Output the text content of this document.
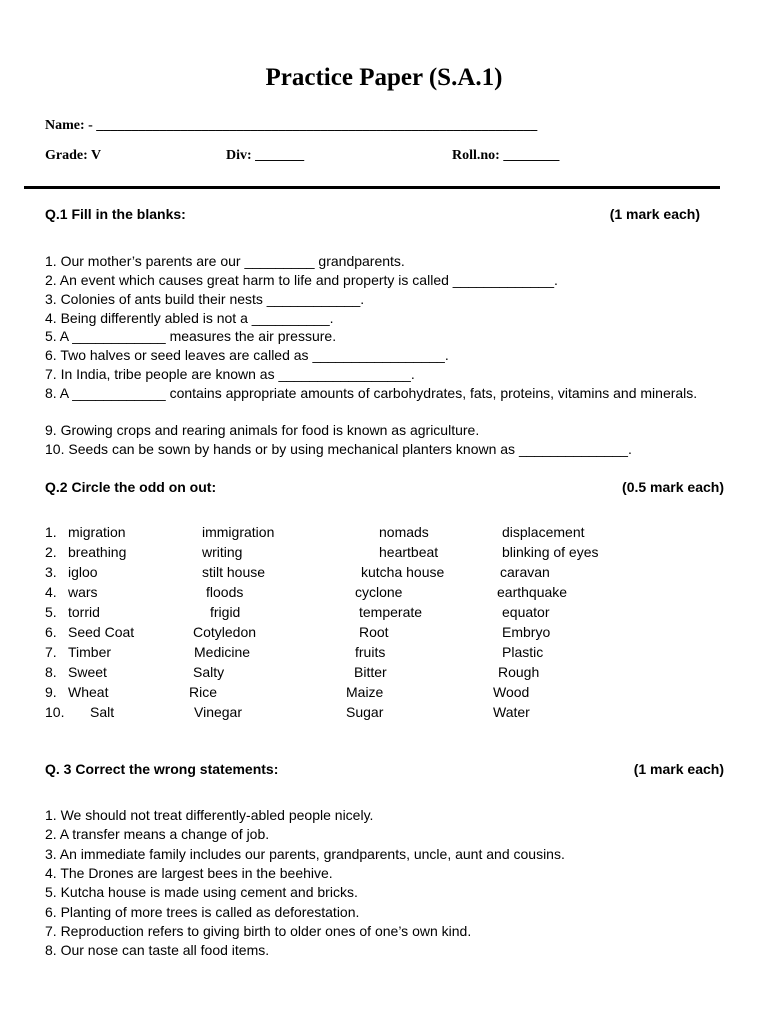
Practice Paper (S.A.1)
Name: - _______________________________________________________________
Grade: V	Div: _______	Roll.no: ________
Q.1 Fill in the blanks:	(1 mark each)
1. Our mother’s parents are our _________ grandparents.
2. An event which causes great harm to life and property is called _____________.
3. Colonies of ants build their nests ____________.
4. Being differently abled is not a __________.
5. A ____________ measures the air pressure.
6. Two halves or seed leaves are called as _________________.
7. In India, tribe people are known as _________________.
8. A ____________ contains appropriate amounts of carbohydrates, fats, proteins, vitamins and minerals.
9. Growing crops and rearing animals for food is known as agriculture.
10. Seeds can be sown by hands or by using mechanical planters known as ______________.
Q.2 Circle the odd on out:	(0.5 mark each)
1. migration	immigration	nomads	displacement
2. breathing	writing	heartbeat	blinking of eyes
3. igloo	stilt house	kutcha house	caravan
4. wars	floods	cyclone	earthquake
5. torrid	frigid	temperate	equator
6. Seed Coat	Cotyledon	Root	Embryo
7. Timber	Medicine	fruits	Plastic
8. Sweet	Salty	Bitter	Rough
9. Wheat	Rice	Maize	Wood
10. Salt	Vinegar	Sugar	Water
Q. 3 Correct the wrong statements:	(1 mark each)
1. We should not treat differently-abled people nicely.
2. A transfer means a change of job.
3. An immediate family includes our parents, grandparents, uncle, aunt and cousins.
4. The Drones are largest bees in the beehive.
5. Kutcha house is made using cement and bricks.
6. Planting of more trees is called as deforestation.
7. Reproduction refers to giving birth to older ones of one’s own kind.
8. Our nose can taste all food items.
